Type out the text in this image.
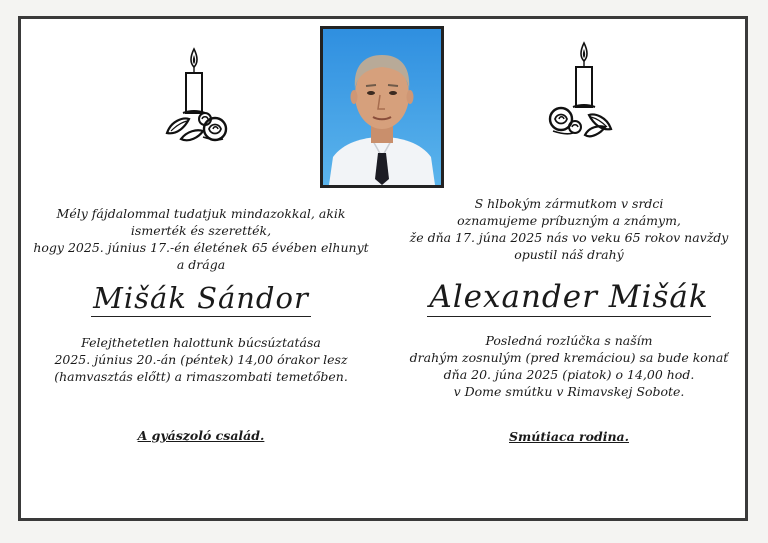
Mély fájdalommal tudatjuk mindazokkal, akik
ismerték és szerették,
hogy 2025. június 17.-én életének 65 évében elhunyt
a drága
Mišák Sándor
Felejthetetlen halottunk búcsúztatása
2025. június 20.-án (péntek) 14,00 órakor lesz
(hamvasztás előtt) a rimaszombati temetőben.
A gyászoló család.
S hlbokým zármutkom v srdci
oznamujeme príbuzným a známym,
že dňa 17. júna 2025 nás vo veku 65 rokov navždy
opustil náš drahý
Alexander Mišák
Posledná rozlúčka s naším
drahým zosnulým (pred kremáciou) sa bude konať
dňa 20. júna 2025 (piatok) o 14,00 hod.
v Dome smútku v Rimavskej Sobote.
Smútiaca rodina.
